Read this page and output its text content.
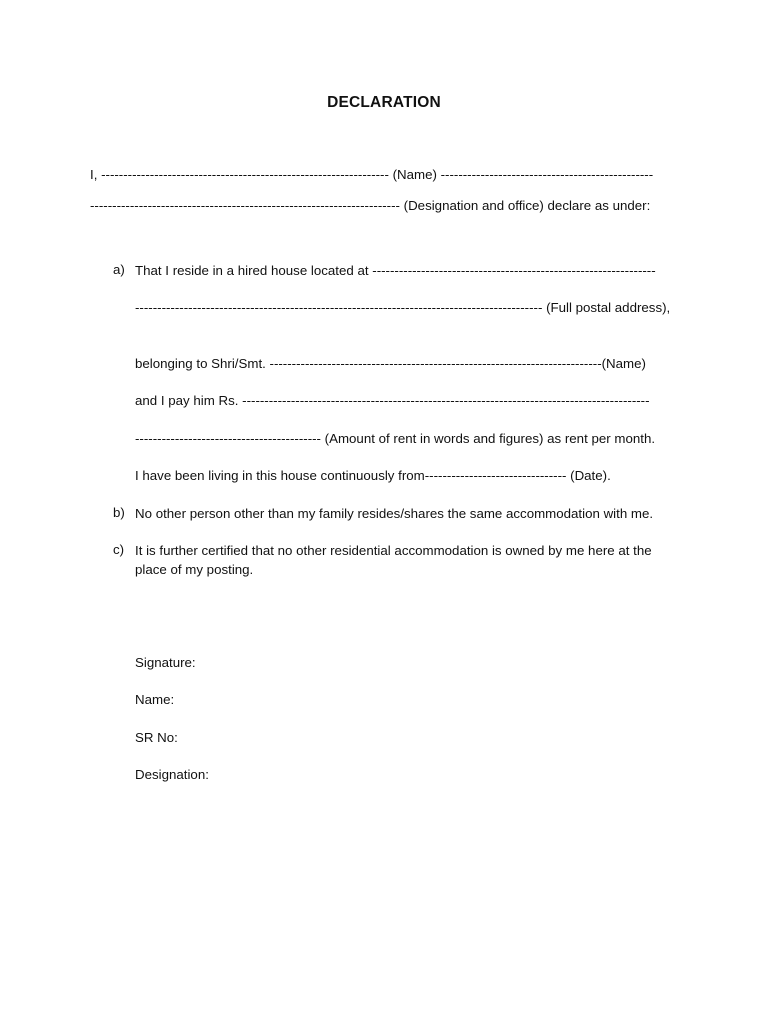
DECLARATION
I, ----------------------------------------------------------------- (Name) ------------------------------------------------
---------------------------------------------------------------------- (Designation and office) declare as under:
a) That I reside in a hired house located at ----------------------------------------------------------------
-------------------------------------------------------------------------------------------- (Full postal address),
belonging to Shri/Smt. ---------------------------------------------------------------------------(Name)
and I pay him Rs. --------------------------------------------------------------------------------------------
------------------------------------------ (Amount of rent in words and figures) as rent per month.
I have been living in this house continuously from-------------------------------- (Date).
b) No other person other than my family resides/shares the same accommodation with me.
c) It is further certified that no other residential accommodation is owned by me here at the place of my posting.
Signature:
Name:
SR No:
Designation:
